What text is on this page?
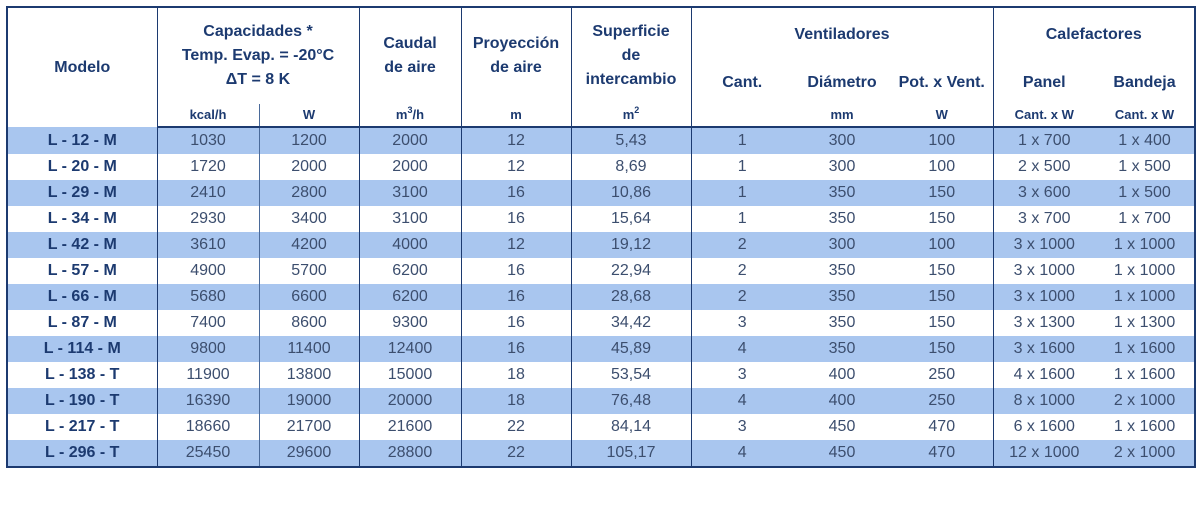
Modelo	Capacidades *
Temp. Evap. = -20°C
ΔT = 8 K		Caudal de aire	Proyección de aire	Superficie de intercambio	Ventiladores			Calefactores	
						Cant.	Diámetro	Pot. x Vent.	Panel	Bandeja
	kcal/h	W	$m^3/h$	m	$m^2$		mm	W	Cant. x W	Cant. x W
L - 12 - M	1030	1200	2000	12	5,43	1	300	100	1 x 700	1 x 400
L - 20 - M	1720	2000	2000	12	8,69	1	300	100	2 x 500	1 x 500
L - 29 - M	2410	2800	3100	16	10,86	1	350	150	3 x 600	1 x 500
L - 34 - M	2930	3400	3100	16	15,64	1	350	150	3 x 700	1 x 700
L - 42 - M	3610	4200	4000	12	19,12	2	300	100	3 x 1000	1 x 1000
L - 57 - M	4900	5700	6200	16	22,94	2	350	150	3 x 1000	1 x 1000
L - 66 - M	5680	6600	6200	16	28,68	2	350	150	3 x 1000	1 x 1000
L - 87 - M	7400	8600	9300	16	34,42	3	350	150	3 x 1300	1 x 1300
L - 114 - M	9800	11400	12400	16	45,89	4	350	150	3 x 1600	1 x 1600
L - 138 - T	11900	13800	15000	18	53,54	3	400	250	4 x 1600	1 x 1600
L - 190 - T	16390	19000	20000	18	76,48	4	400	250	8 x 1000	2 x 1000
L - 217 - T	18660	21700	21600	22	84,14	3	450	470	6 x 1600	1 x 1600
L - 296 - T	25450	29600	28800	22	105,17	4	450	470	12 x 1000	2 x 1000
